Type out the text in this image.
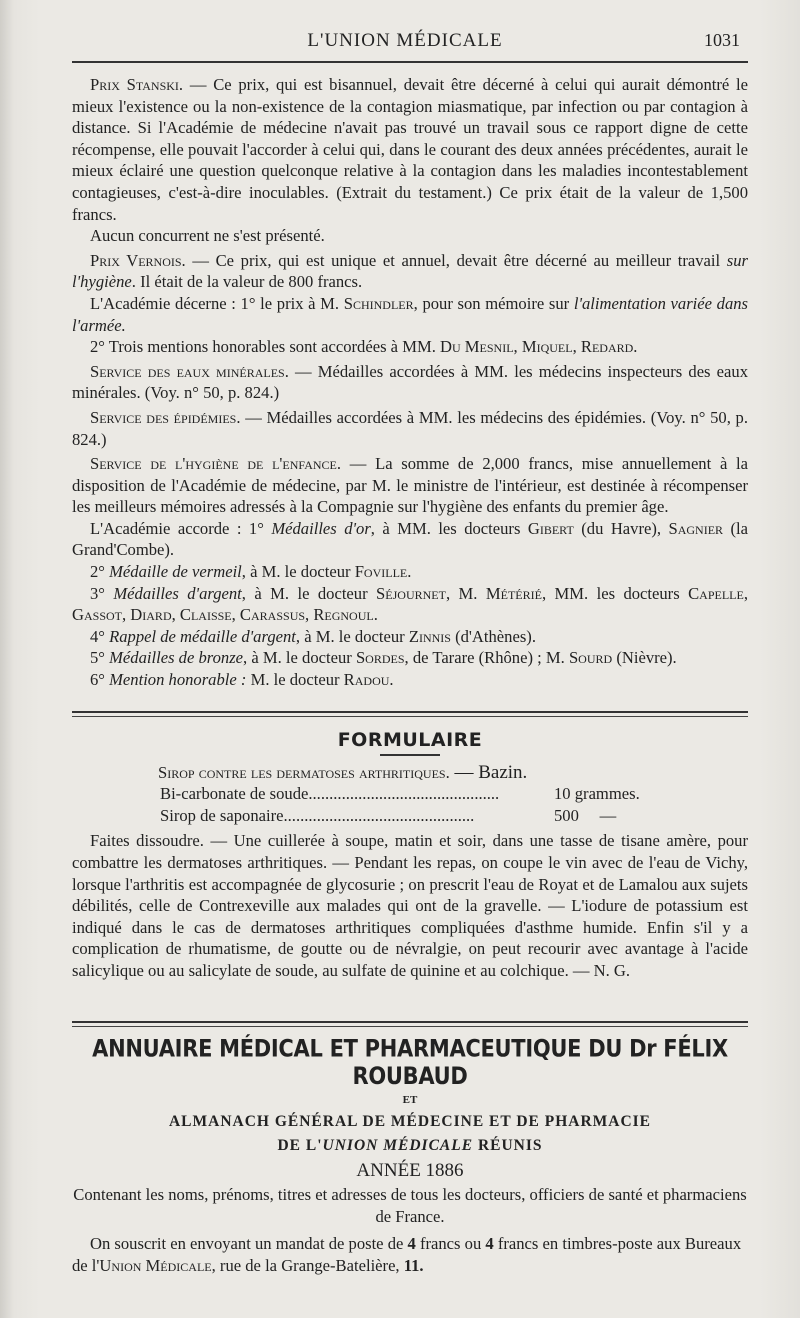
L'UNION MÉDICALE	1031

Prix Stanski. — Ce prix, qui est bisannuel, devait être décerné à celui qui aurait démontré le mieux l'existence ou la non-existence de la contagion miasmatique, par infection ou par contagion à distance. Si l'Académie de médecine n'avait pas trouvé un travail sous ce rapport digne de cette récompense, elle pouvait l'accorder à celui qui, dans le courant des deux années précédentes, aurait le mieux éclairé une question quelconque relative à la contagion dans les maladies incontestablement contagieuses, c'est-à-dire inoculables. (Extrait du testament.) Ce prix était de la valeur de 1,500 francs.

Aucun concurrent ne s'est présenté.

Prix Vernois. — Ce prix, qui est unique et annuel, devait être décerné au meilleur travail sur l'hygiène. Il était de la valeur de 800 francs.

L'Académie décerne : 1° le prix à M. Schindler, pour son mémoire sur l'alimentation variée dans l'armée.

2° Trois mentions honorables sont accordées à MM. Du Mesnil, Miquel, Redard.

Service des eaux minérales. — Médailles accordées à MM. les médecins inspecteurs des eaux minérales. (Voy. n° 50, p. 824.)

Service des épidémies. — Médailles accordées à MM. les médecins des épidémies. (Voy. n° 50, p. 824.)

Service de l'hygiène de l'enfance. — La somme de 2,000 francs, mise annuellement à la disposition de l'Académie de médecine, par M. le ministre de l'intérieur, est destinée à récompenser les meilleurs mémoires adressés à la Compagnie sur l'hygiène des enfants du premier âge.

L'Académie accorde : 1° Médailles d'or, à MM. les docteurs Gibert (du Havre), Sagnier (la Grand'Combe).

2° Médaille de vermeil, à M. le docteur Foville.

3° Médailles d'argent, à M. le docteur Séjournet, M. Métérié, MM. les docteurs Capelle, Gassot, Diard, Claisse, Carassus, Regnoul.

4° Rappel de médaille d'argent, à M. le docteur Zinnis (d'Athènes).

5° Médailles de bronze, à M. le docteur Sordes, de Tarare (Rhône) ; M. Sourd (Nièvre).

6° Mention honorable : M. le docteur Radou.

FORMULAIRE
Sirop contre les dermatoses arthritiques. — Bazin.
Bi-carbonate de soude ..............................................	10 grammes.
Sirop de saponaire ..............................................	500     —
Faites dissoudre. — Une cuillerée à soupe, matin et soir, dans une tasse de tisane amère, pour combattre les dermatoses arthritiques. — Pendant les repas, on coupe le vin avec de l'eau de Vichy, lorsque l'arthritis est accompagnée de glycosurie ; on prescrit l'eau de Royat et de Lamalou aux sujets débilités, celle de Contrexeville aux malades qui ont de la gravelle. — L'iodure de potassium est indiqué dans le cas de dermatoses arthritiques compliquées d'asthme humide. Enfin s'il y a complication de rhumatisme, de goutte ou de névralgie, on peut recourir avec avantage à l'acide salicylique ou au salicylate de soude, au sulfate de quinine et au colchique. — N. G.
ANNUAIRE MÉDICAL ET PHARMACEUTIQUE DU Dr FÉLIX ROUBAUD
ET
ALMANACH GÉNÉRAL DE MÉDECINE ET DE PHARMACIE
DE L'UNION MÉDICALE RÉUNIS
ANNÉE 1886
Contenant les noms, prénoms, titres et adresses de tous les docteurs, officiers de santé et pharmaciens de France.
On souscrit en envoyant un mandat de poste de 4 francs ou 4 francs en timbres-poste aux Bureaux de l'Union Médicale, rue de la Grange-Batelière, 11.
